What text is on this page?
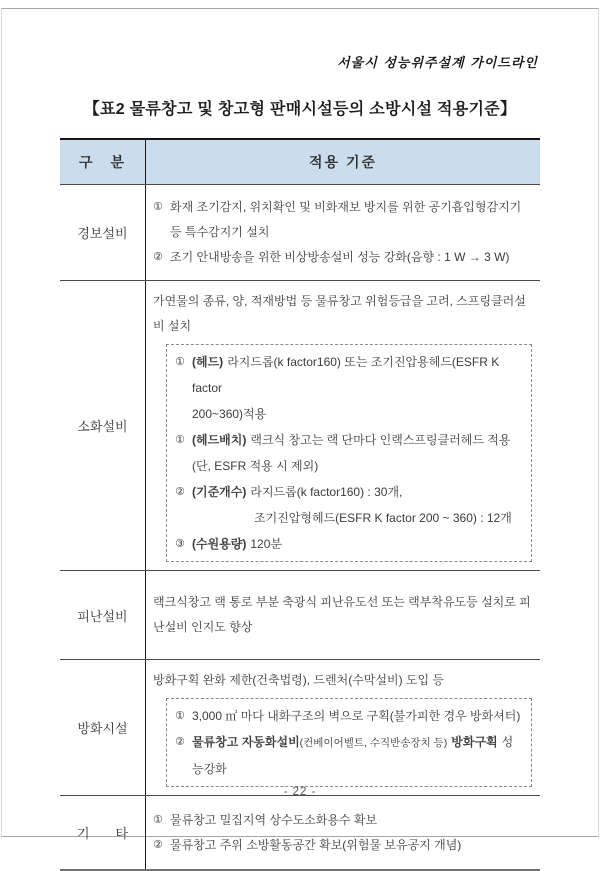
서울시 성능위주설계 가이드라인
【표2 물류창고 및 창고형 판매시설등의 소방시설 적용기준】
구 분	적용 기준
경보설비
① 화재 조기감지, 위치확인 및 비화재보 방지를 위한 공기흡입형감지기 등 특수감지기 설치
② 조기 안내방송을 위한 비상방송설비 성능 강화(음향 : 1 W → 3 W)
소화설비
가연물의 종류, 양, 적재방법 등 물류창고 위험등급을 고려, 스프링클러설비 설치
① (헤드) 라지드롭(k factor160) 또는 조기진압용헤드(ESFR K factor
200~360)적용
① (헤드배치) 랙크식 창고는 랙 단마다 인랙스프링클러헤드 적용
(단, ESFR 적용 시 제외)
② (기준개수) 라지드롭(k factor160) : 30개,
조기진압형헤드(ESFR K factor 200 ~ 360) : 12개
③ (수원용량) 120분
피난설비
랙크식창고 랙 통로 부분 축광식 피난유도선 또는 랙부착유도등 설치로 피난설비 인지도 향상
방화시설
방화구획 완화 제한(건축법령), 드렌처(수막설비) 도입 등
① 3,000 ㎡ 마다 내화구조의 벽으로 구획(불가피한 경우 방화셔터)
② 물류창고 자동화설비(컨베이어벨트, 수직반송장치 등) 방화구획 성능강화
기  타
① 물류창고 밀집지역 상수도소화용수 확보
② 물류창고 주위 소방활동공간 확보(위험물 보유공지 개념)
- 22 -
